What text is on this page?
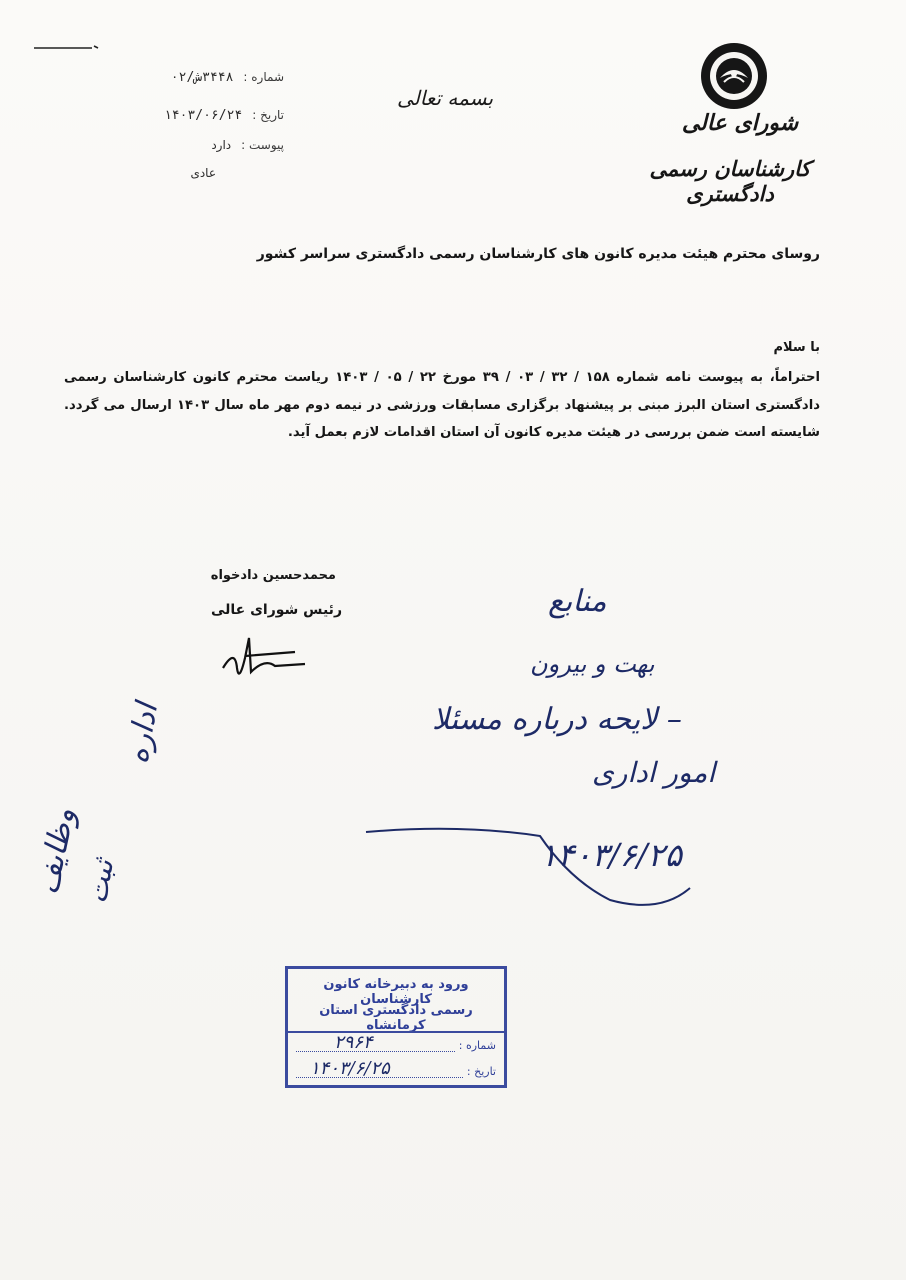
شماره :
۳۴۴۸ش/۰۲
تاریخ :
۱۴۰۳/۰۶/۲۴
پیوست :
دارد
عادی
بسمه تعالی
شورای عالی
کارشناسان رسمی دادگستری
روسای محترم هیئت مدیره کانون های کارشناسان رسمی دادگستری سراسر کشور
با سلام
احتراماً، به پیوست نامه شماره ۱۵۸ / ۳۲ / ۰۳ / ۳۹ مورخ ۲۲ / ۰۵ / ۱۴۰۳ ریاست محترم کانون کارشناسان رسمی دادگستری استان البرز مبنی بر پیشنهاد برگزاری مسابقات ورزشی در نیمه دوم مهر ماه سال ۱۴۰۳ ارسال می گردد. شایسته است ضمن بررسی در هیئت مدیره کانون آن استان اقدامات لازم بعمل آید.
محمدحسین دادخواه
رئیس شورای عالی	منابع
بهت و بیرون
– لایحه درباره مسئلا
امور اداری
۱۴۰۳/۶/۲۵
اداره
ثبت
وظایف
ورود به دبیرخانه کانون کارشناسان
رسمی دادگستری استان کرمانشاه
شماره :
۲۹۶۴
تاریخ :
۱۴۰۳/۶/۲۵
